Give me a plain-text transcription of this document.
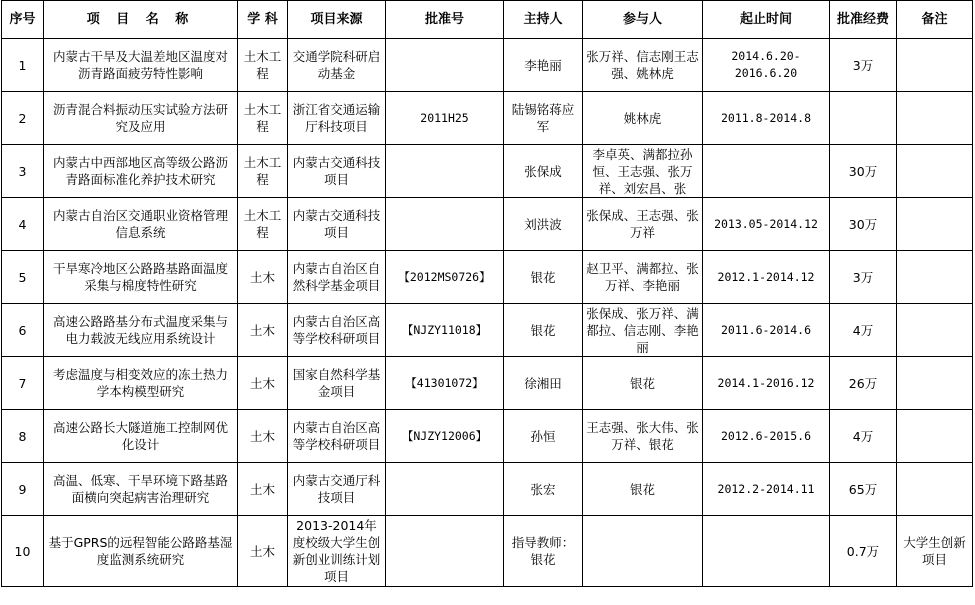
序号	项 目 名 称	学 科	项目来源	批准号	主持人	参与人	起止时间	批准经费	备注
1	内蒙古干旱及大温差地区温度对沥青路面疲劳特性影响	土木工程	交通学院科研启动基金		李艳丽	张万祥、信志刚王志强、姚林虎	2014.6.20-2016.6.20	3万	
2	沥青混合料振动压实试验方法研究及应用	土木工程	浙江省交通运输厅科技项目	2011H25	陆锡铭蒋应军	姚林虎	2011.8-2014.8		
3	内蒙古中西部地区高等级公路沥青路面标准化养护技术研究	土木工程	内蒙古交通科技项目		张保成	李卓英、满都拉孙恒、王志强、张万祥、刘宏昌、张		30万	
4	内蒙古自治区交通职业资格管理信息系统	土木工程	内蒙古交通科技项目		刘洪波	张保成、王志强、张万祥	2013.05-2014.12	30万	
5	干旱寒冷地区公路路基路面温度采集与棉度特性研究	土木	内蒙古自治区自然科学基金项目	【2012MS0726】	银花	赵卫平、满都拉、张万祥、李艳丽	2012.1-2014.12	3万	
6	高速公路路基分布式温度采集与电力载波无线应用系统设计	土木	内蒙古自治区高等学校科研项目	【NJZY11018】	银花	张保成、张万祥、满都拉、信志刚、李艳丽	2011.6-2014.6	4万	
7	考虑温度与相变效应的冻土热力学本构模型研究	土木	国家自然科学基金项目	【41301072】	徐湘田	银花	2014.1-2016.12	26万	
8	高速公路长大隧道施工控制网优化设计	土木	内蒙古自治区高等学校科研项目	【NJZY12006】	孙恒	王志强、张大伟、张万祥、银花	2012.6-2015.6	4万	
9	高温、低寒、干旱环境下路基路面横向突起病害治理研究	土木	内蒙古交通厅科技项目		张宏	银花	2012.2-2014.11	65万	
10	基于GPRS的远程智能公路路基湿度监测系统研究	土木	2013-2014年度校级大学生创新创业训练计划项目		指导教师：银花			0.7万	大学生创新项目
